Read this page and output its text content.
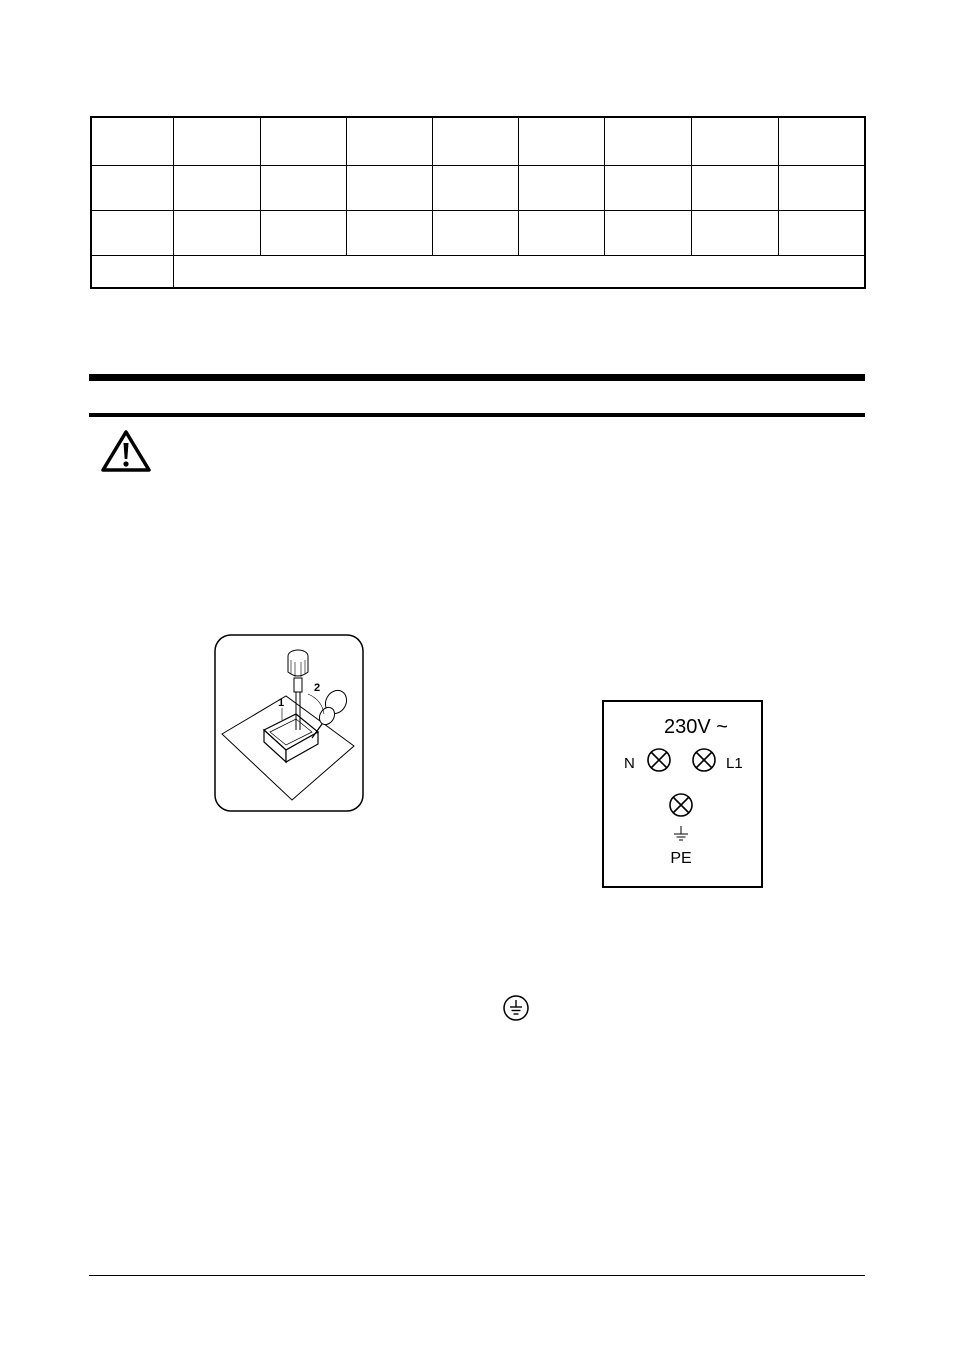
1
2
230V ~
N	L1
PE
